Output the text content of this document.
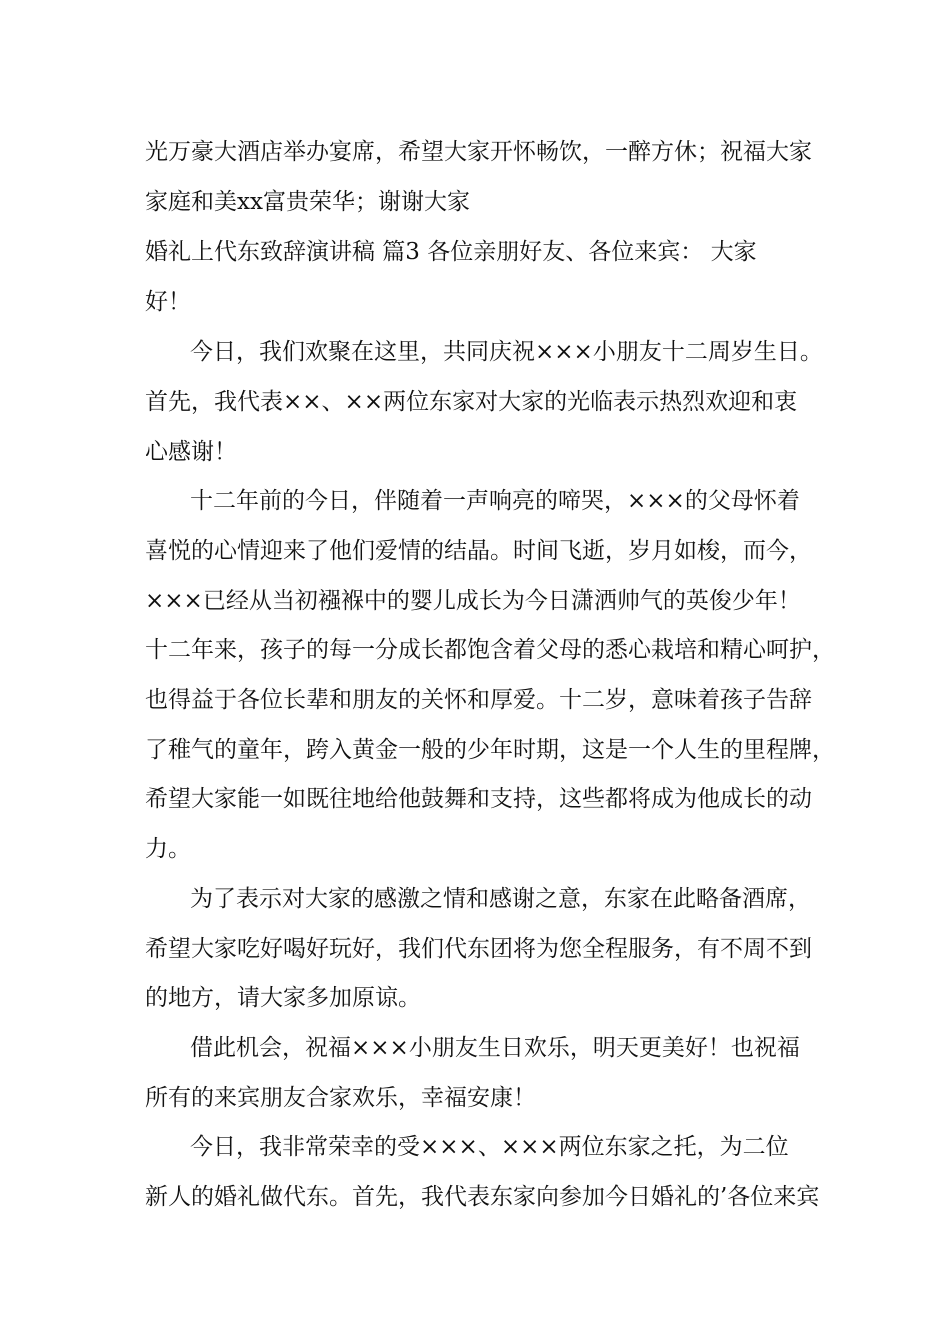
光万豪大酒店举办宴席，希望大家开怀畅饮，一醉方休；祝福大家
家庭和美xx富贵荣华；谢谢大家
婚礼上代东致辞演讲稿 篇3 各位亲朋好友、各位来宾： 大家
好！
今日，我们欢聚在这里，共同庆祝×××小朋友十二周岁生日。
首先，我代表××、××两位东家对大家的光临表示热烈欢迎和衷
心感谢！
十二年前的今日，伴随着一声响亮的啼哭，×××的父母怀着
喜悦的心情迎来了他们爱情的结晶。时间飞逝，岁月如梭，而今，
×××已经从当初襁褓中的婴儿成长为今日潇洒帅气的英俊少年！
十二年来，孩子的每一分成长都饱含着父母的悉心栽培和精心呵护，
也得益于各位长辈和朋友的关怀和厚爱。十二岁，意味着孩子告辞
了稚气的童年，跨入黄金一般的少年时期，这是一个人生的里程牌，
希望大家能一如既往地给他鼓舞和支持，这些都将成为他成长的动
力。
为了表示对大家的感激之情和感谢之意，东家在此略备酒席，
希望大家吃好喝好玩好，我们代东团将为您全程服务，有不周不到
的地方，请大家多加原谅。
借此机会，祝福×××小朋友生日欢乐，明天更美好！也祝福
所有的来宾朋友合家欢乐，幸福安康！
今日，我非常荣幸的受×××、×××两位东家之托，为二位
新人的婚礼做代东。首先，我代表东家向参加今日婚礼的’各位来宾
